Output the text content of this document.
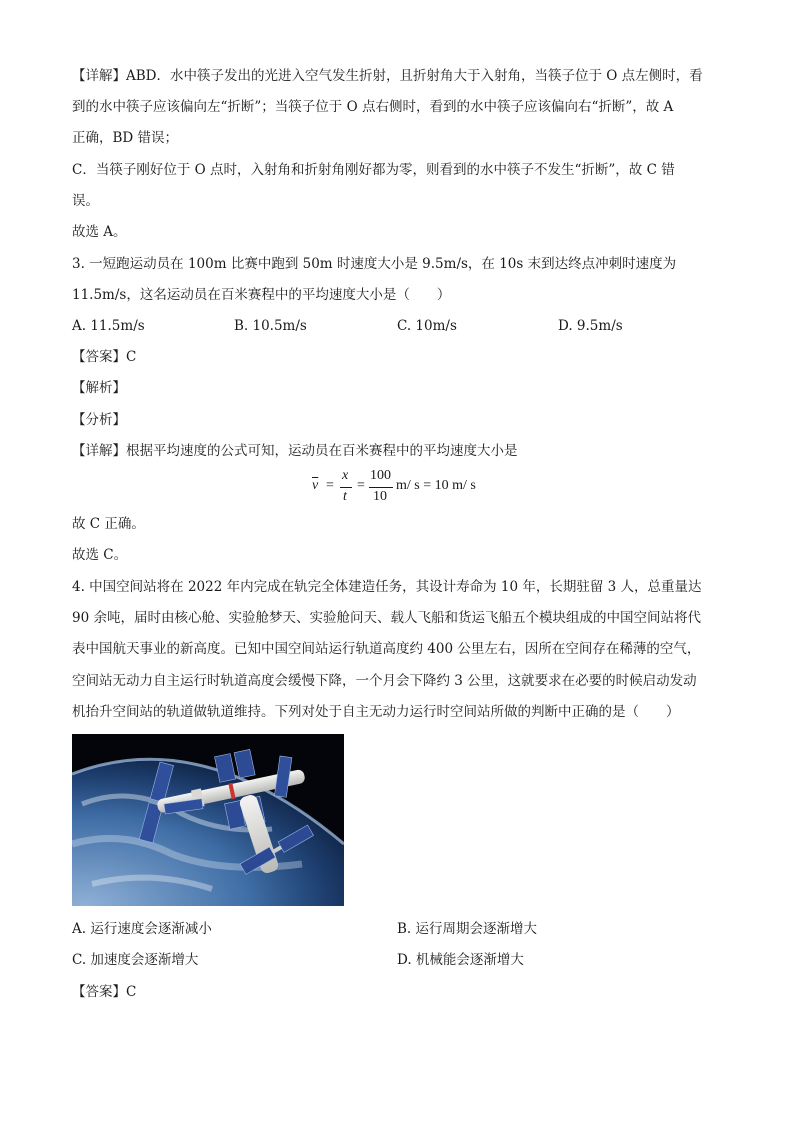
【详解】ABD．水中筷子发出的光进入空气发生折射，且折射角大于入射角，当筷子位于 O 点左侧时，看
到的水中筷子应该偏向左“折断”；当筷子位于 O 点右侧时，看到的水中筷子应该偏向右“折断”，故 A
正确，BD 错误；
C．当筷子刚好位于 O 点时，入射角和折射角刚好都为零，则看到的水中筷子不发生“折断”，故 C 错
误。
故选 A。
3. 一短跑运动员在 100m 比赛中跑到 50m 时速度大小是 9.5m/s，在 10s 末到达终点冲刺时速度为
11.5m/s，这名运动员在百米赛程中的平均速度大小是（　　）
A. 11.5m/s	B. 10.5m/s	C. 10m/s	D. 9.5m/s
【答案】C
【解析】
【分析】
【详解】根据平均速度的公式可知，运动员在百米赛程中的平均速度大小是
$\overline{v}$ =
x
t
=
100
10
m/ s = 10 m/ s
故 C 正确。
故选 C。
4. 中国空间站将在 2022 年内完成在轨完全体建造任务，其设计寿命为 10 年，长期驻留 3 人，总重量达
90 余吨，届时由核心舱、实验舱梦天、实验舱问天、载人飞船和货运飞船五个模块组成的中国空间站将代
表中国航天事业的新高度。已知中国空间站运行轨道高度约 400 公里左右，因所在空间存在稀薄的空气，
空间站无动力自主运行时轨道高度会缓慢下降，一个月会下降约 3 公里，这就要求在必要的时候启动发动
机抬升空间站的轨道做轨道维持。下列对处于自主无动力运行时空间站所做的判断中正确的是（　　）
A. 运行速度会逐渐减小	B. 运行周期会逐渐增大
C. 加速度会逐渐增大	D. 机械能会逐渐增大
【答案】C
